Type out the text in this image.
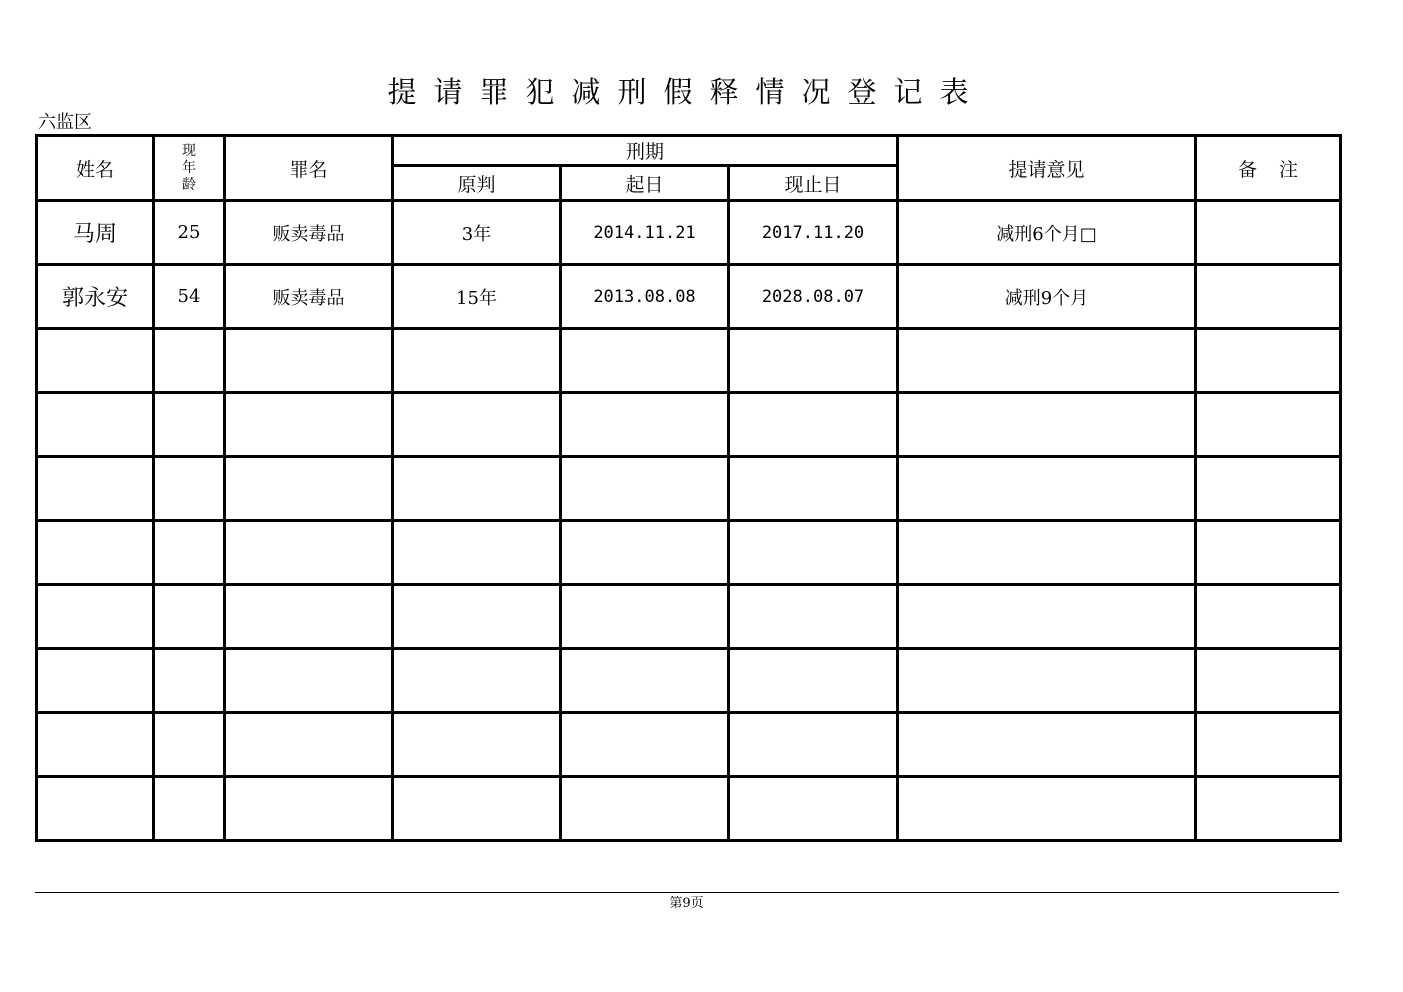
提请罪犯减刑假释情况登记表
六监区
姓名	现
年
龄	罪名	刑期			提请意见	备注
			原判	起日	现止日		
马周	25	贩卖毒品	3年	2014.11.21	2017.11.20	减刑6个月□	
郭永安	54	贩卖毒品	15年	2013.08.08	2028.08.07	减刑9个月	

第9页
